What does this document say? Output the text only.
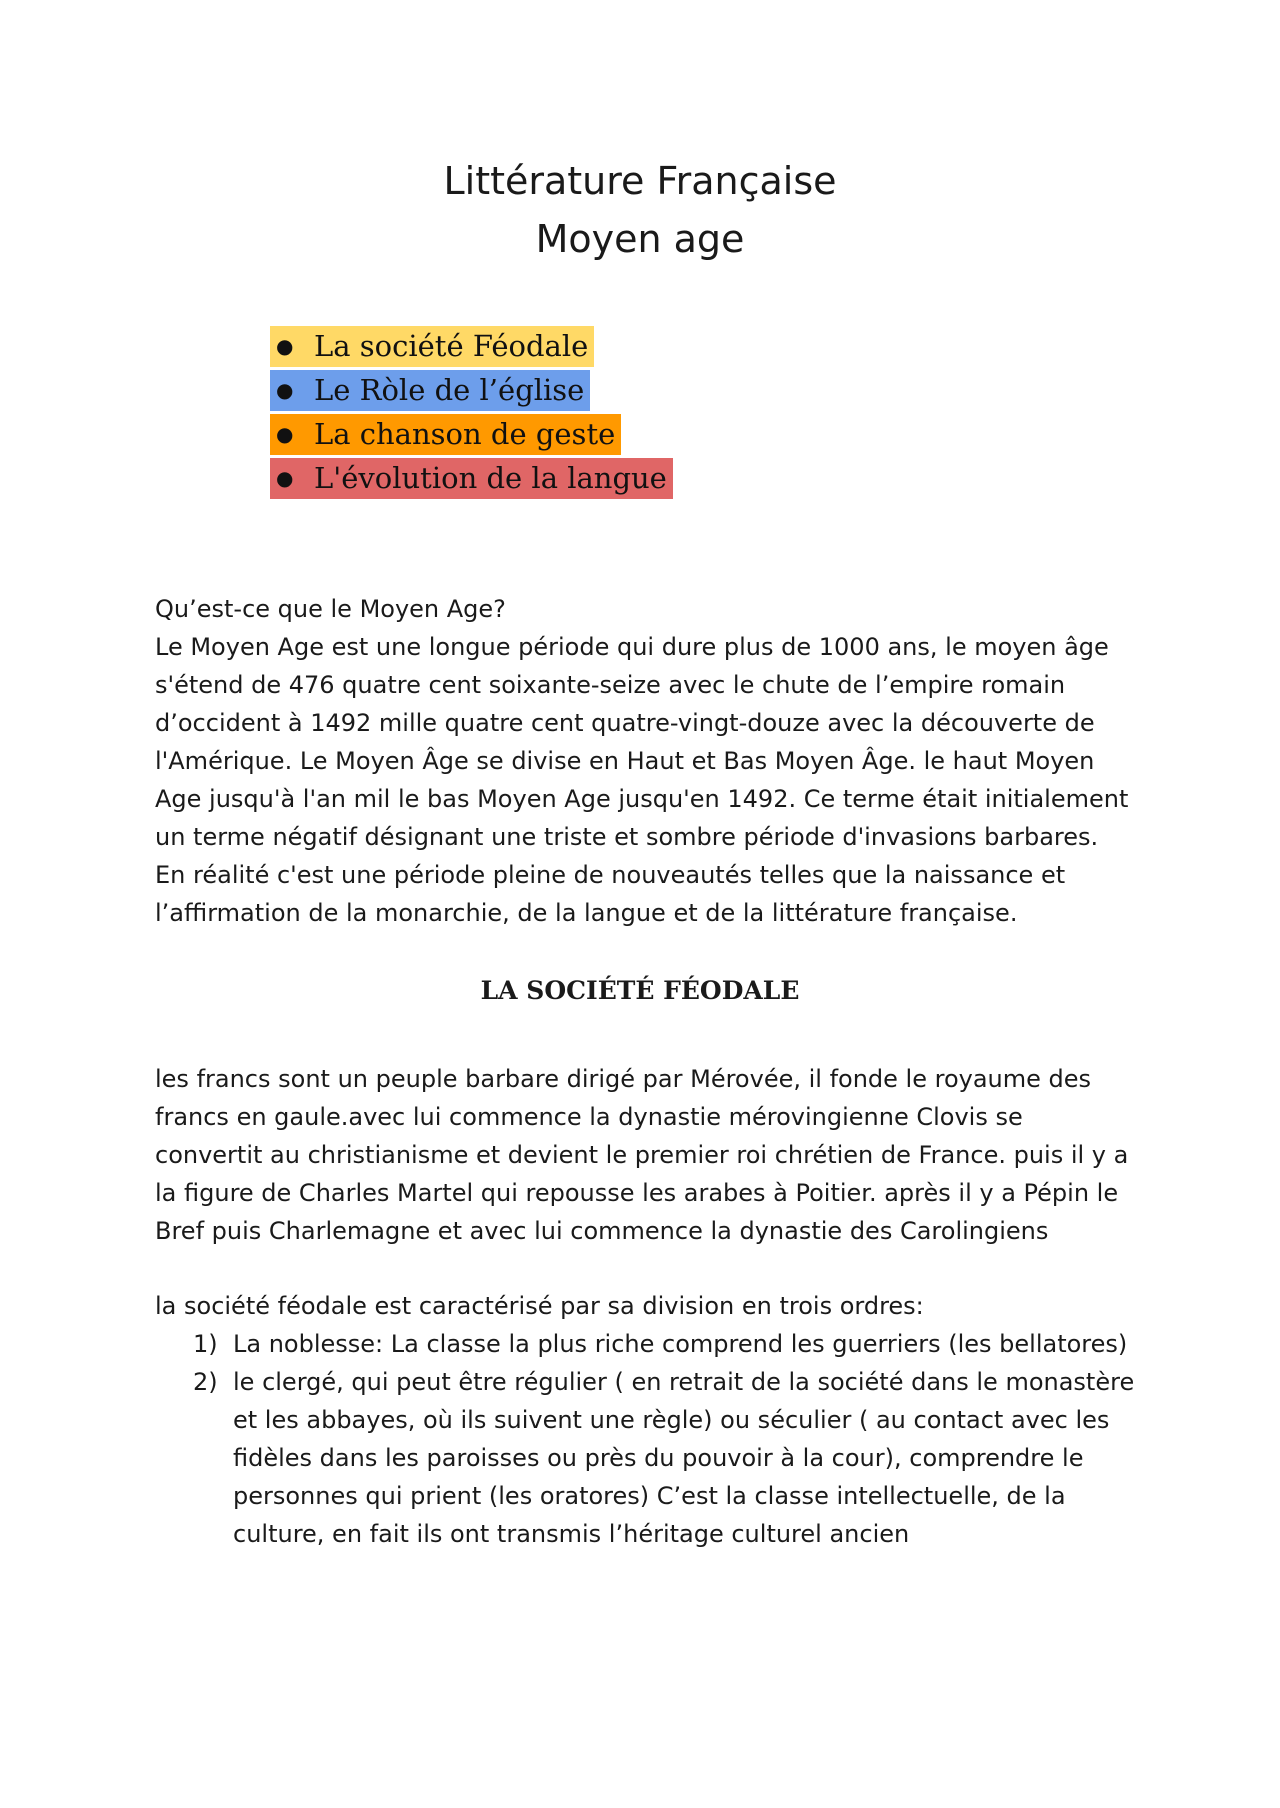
Littérature Française
Moyen age
● La société Féodale
● Le Ròle de l’église
● La chanson de geste
● L'évolution de la langue

Qu’est-ce que le Moyen Age?

Le Moyen Age est une longue période qui dure plus de 1000 ans, le moyen âge s'étend de 476 quatre cent soixante-seize avec le chute de l’empire romain d’occident à 1492 mille quatre cent quatre-vingt-douze avec la découverte de l'Amérique. Le Moyen Âge se divise en Haut et Bas Moyen Âge. le haut Moyen Age jusqu'à l'an mil le bas Moyen Age jusqu'en 1492. Ce terme était initialement un terme négatif désignant une triste et sombre période d'invasions barbares. En réalité c'est une période pleine de nouveautés telles que la naissance et l’affirmation de la monarchie, de la langue et de la littérature française.

LA SOCIÉTÉ FÉODALE

les francs sont un peuple barbare dirigé par Mérovée, il fonde le royaume des francs en gaule.avec lui commence la dynastie mérovingienne Clovis se convertit au christianisme et devient le premier roi chrétien de France. puis il y a la figure de Charles Martel qui repousse les arabes à Poitier. après il y a Pépin le Bref puis Charlemagne et avec lui commence la dynastie des Carolingiens

la société féodale est caractérisé par sa division en trois ordres:

1) La noblesse: La classe la plus riche comprend les guerriers (les bellatores)
2) le clergé, qui peut être régulier ( en retrait de la société dans le monastère et les abbayes, où ils suivent une règle) ou séculier ( au contact avec les fidèles dans les paroisses ou près du pouvoir à la cour), comprendre le personnes qui prient (les oratores) C’est la classe intellectuelle, de la culture, en fait ils ont transmis l’héritage culturel ancien
